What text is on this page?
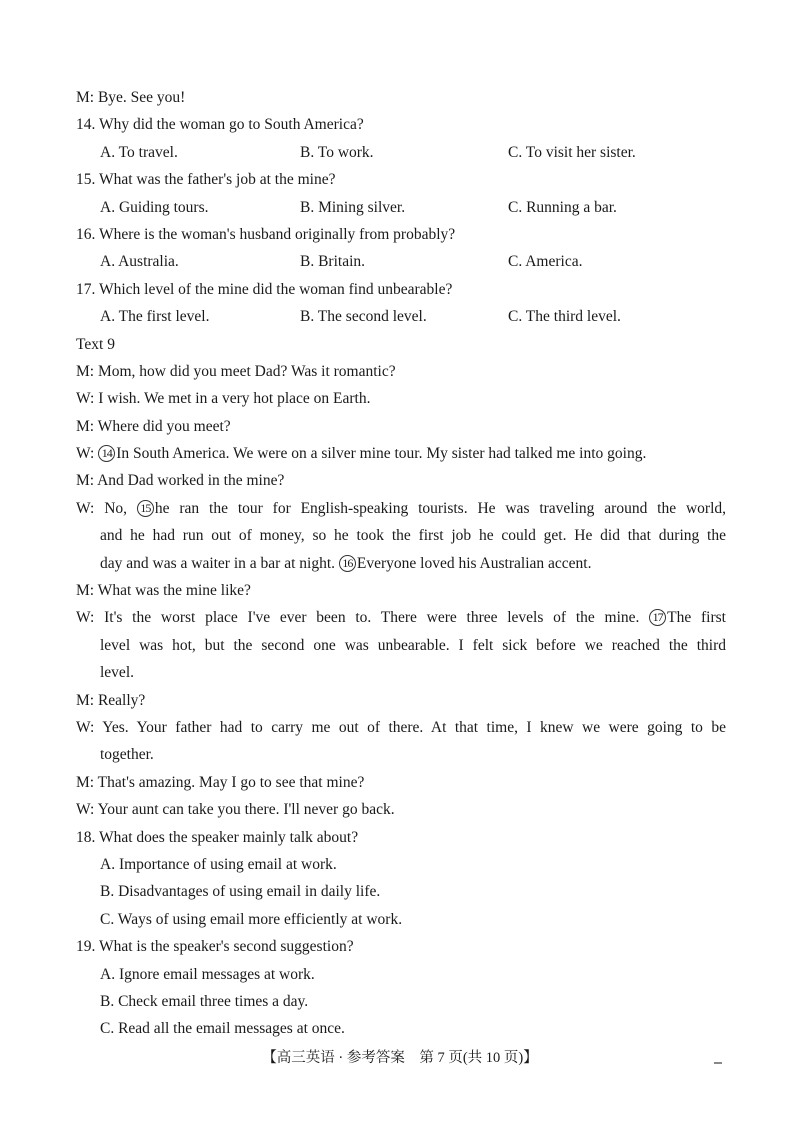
M: Bye. See you!
14. Why did the woman go to South America?
A. To travel.	B. To work.	C. To visit her sister.
15. What was the father's job at the mine?
A. Guiding tours.	B. Mining silver.	C. Running a bar.
16. Where is the woman's husband originally from probably?
A. Australia.	B. Britain.	C. America.
17. Which level of the mine did the woman find unbearable?
A. The first level.	B. The second level.	C. The third level.
Text 9
M: Mom, how did you meet Dad? Was it romantic?
W: I wish. We met in a very hot place on Earth.
M: Where did you meet?
W: 14 In South America. We were on a silver mine tour. My sister had talked me into going.
M: And Dad worked in the mine?
W: No, 15 he ran the tour for English-speaking tourists. He was traveling around the world,
and he had run out of money, so he took the first job he could get. He did that during the
day and was a waiter in a bar at night. 16 Everyone loved his Australian accent.
M: What was the mine like?
W: It's the worst place I've ever been to. There were three levels of the mine. 17 The first
level was hot, but the second one was unbearable. I felt sick before we reached the third
level.
M: Really?
W: Yes. Your father had to carry me out of there. At that time, I knew we were going to be
together.
M: That's amazing. May I go to see that mine?
W: Your aunt can take you there. I'll never go back.
18. What does the speaker mainly talk about?
A. Importance of using email at work.
B. Disadvantages of using email in daily life.
C. Ways of using email more efficiently at work.
19. What is the speaker's second suggestion?
A. Ignore email messages at work.
B. Check email three times a day.
C. Read all the email messages at once.
【高三英语 · 参考答案　第 7 页(共 10 页)】
